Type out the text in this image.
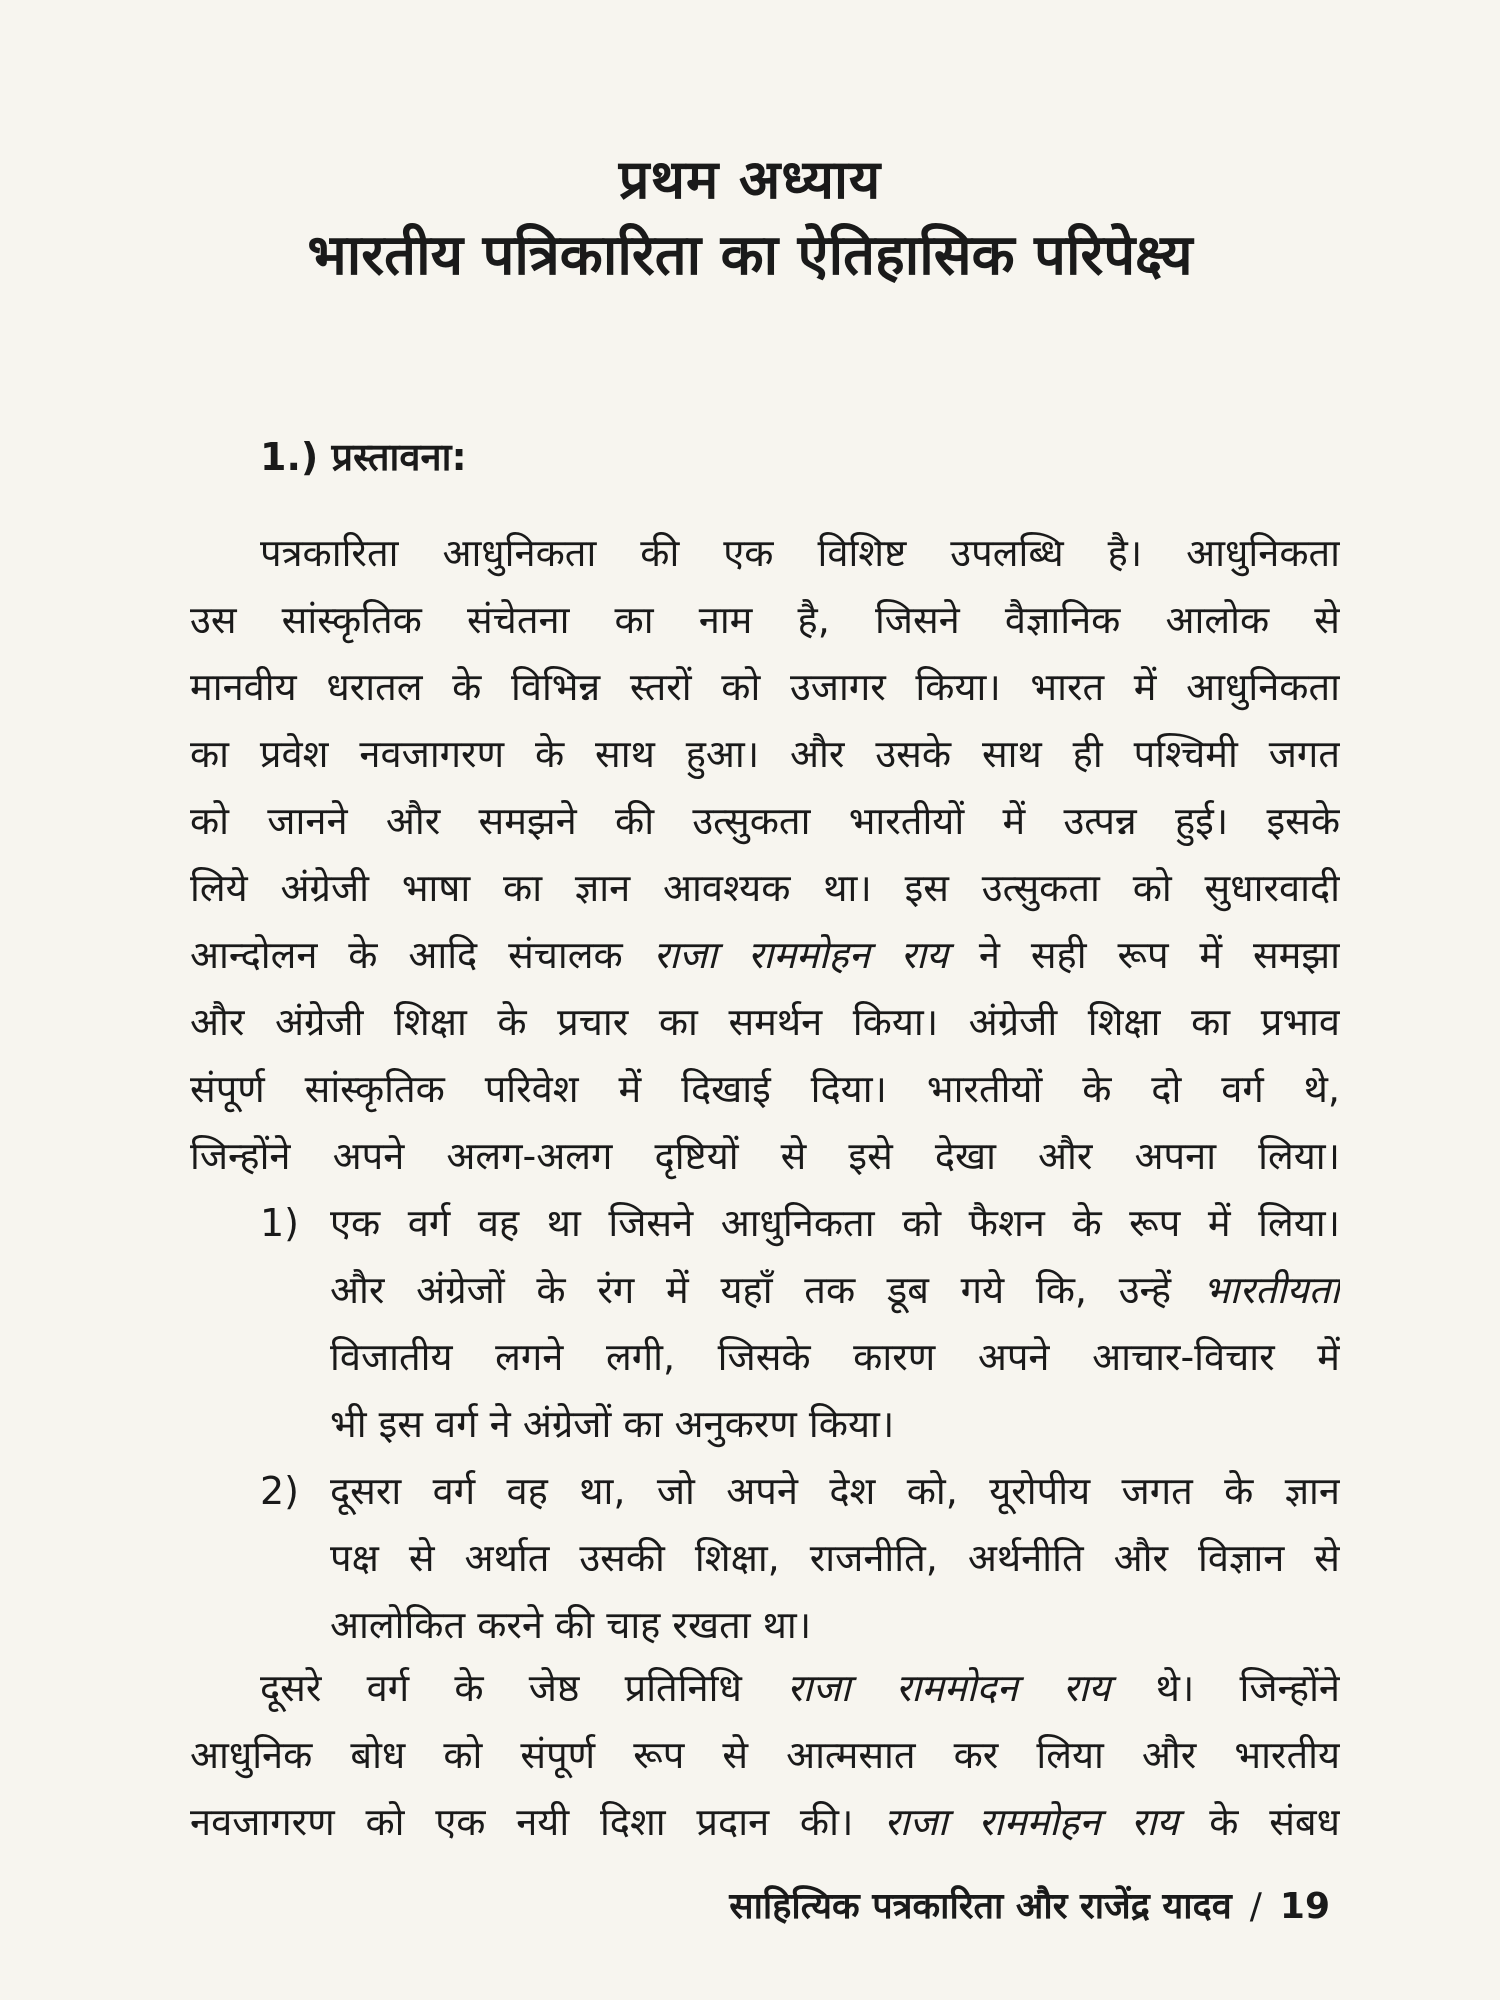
प्रथम अध्याय
भारतीय पत्रिकारिता का ऐतिहासिक परिपेक्ष्य
1.) प्रस्तावना:
पत्रकारिता आधुनिकता की एक विशिष्ट उपलब्धि है। आधुनिकता
उस सांस्कृतिक संचेतना का नाम है, जिसने वैज्ञानिक आलोक से
मानवीय धरातल के विभिन्न स्तरों को उजागर किया। भारत में आधुनिकता
का प्रवेश नवजागरण के साथ हुआ। और उसके साथ ही पश्चिमी जगत
को जानने और समझने की उत्सुकता भारतीयों में उत्पन्न हुई। इसके
लिये अंग्रेजी भाषा का ज्ञान आवश्यक था। इस उत्सुकता को सुधारवादी
आन्दोलन के आदि संचालक राजा राममोहन राय ने सही रूप में समझा
और अंग्रेजी शिक्षा के प्रचार का समर्थन किया। अंग्रेजी शिक्षा का प्रभाव
संपूर्ण सांस्कृतिक परिवेश में दिखाई दिया। भारतीयों के दो वर्ग थे,
जिन्होंने अपने अलग-अलग दृष्टियों से इसे देखा और अपना लिया।
1) एक वर्ग वह था जिसने आधुनिकता को फैशन के रूप में लिया।
और अंग्रेजों के रंग में यहाँ तक डूब गये कि, उन्हें भारतीयता
विजातीय लगने लगी, जिसके कारण अपने आचार-विचार में
भी इस वर्ग ने अंग्रेजों का अनुकरण किया।
2) दूसरा वर्ग वह था, जो अपने देश को, यूरोपीय जगत के ज्ञान
पक्ष से अर्थात उसकी शिक्षा, राजनीति, अर्थनीति और विज्ञान से
आलोकित करने की चाह रखता था।
दूसरे वर्ग के जेष्ठ प्रतिनिधि राजा राममोदन राय थे। जिन्होंने
आधुनिक बोध को संपूर्ण रूप से आत्मसात कर लिया और भारतीय
नवजागरण को एक नयी दिशा प्रदान की। राजा राममोहन राय के संबध
साहित्यिक पत्रकारिता और राजेंद्र यादव / 19
